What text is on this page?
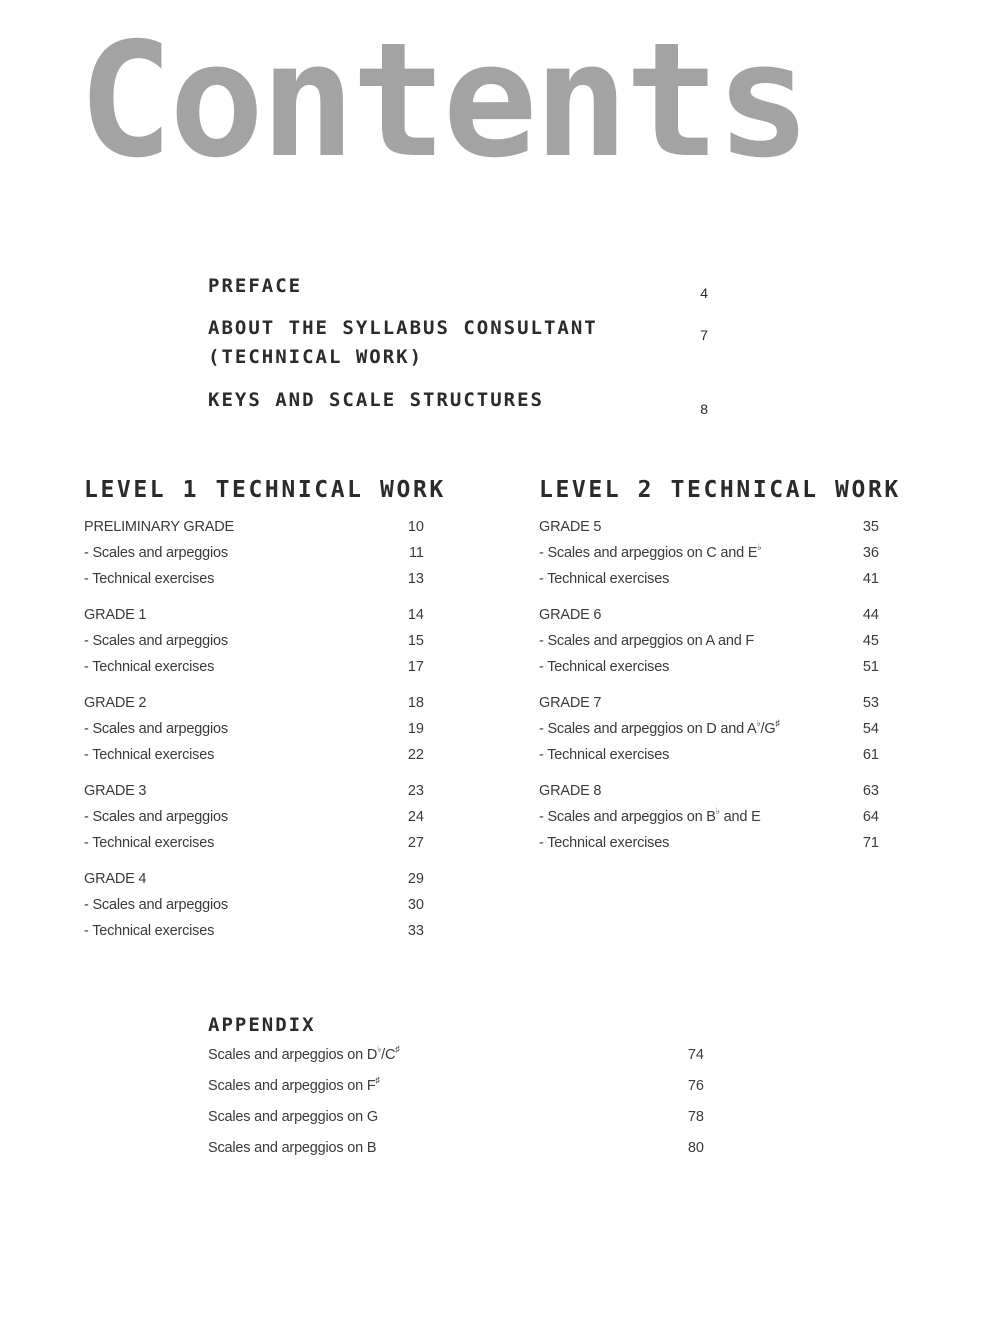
Contents
PREFACE	4
ABOUT THE SYLLABUS CONSULTANT
(TECHNICAL WORK)
7
KEYS AND SCALE STRUCTURES	8
LEVEL 1 TECHNICAL WORK	LEVEL 2 TECHNICAL WORK
PRELIMINARY GRADE	10
- Scales and arpeggios	11
- Technical exercises	13
GRADE 1	14
- Scales and arpeggios	15
- Technical exercises	17
GRADE 2	18
- Scales and arpeggios	19
- Technical exercises	22
GRADE 3	23
- Scales and arpeggios	24
- Technical exercises	27
GRADE 4	29
- Scales and arpeggios	30
- Technical exercises	33
GRADE 5	35
- Scales and arpeggios on C and E♭	36
- Technical exercises	41
GRADE 6	44
- Scales and arpeggios on A and F	45
- Technical exercises	51
GRADE 7	53
- Scales and arpeggios on D and A♭/G♯	54
- Technical exercises	61
GRADE 8	63
- Scales and arpeggios on B♭ and E	64
- Technical exercises	71
APPENDIX
Scales and arpeggios on D♭/C♯	74
Scales and arpeggios on F♯	76
Scales and arpeggios on G	78
Scales and arpeggios on B	80
